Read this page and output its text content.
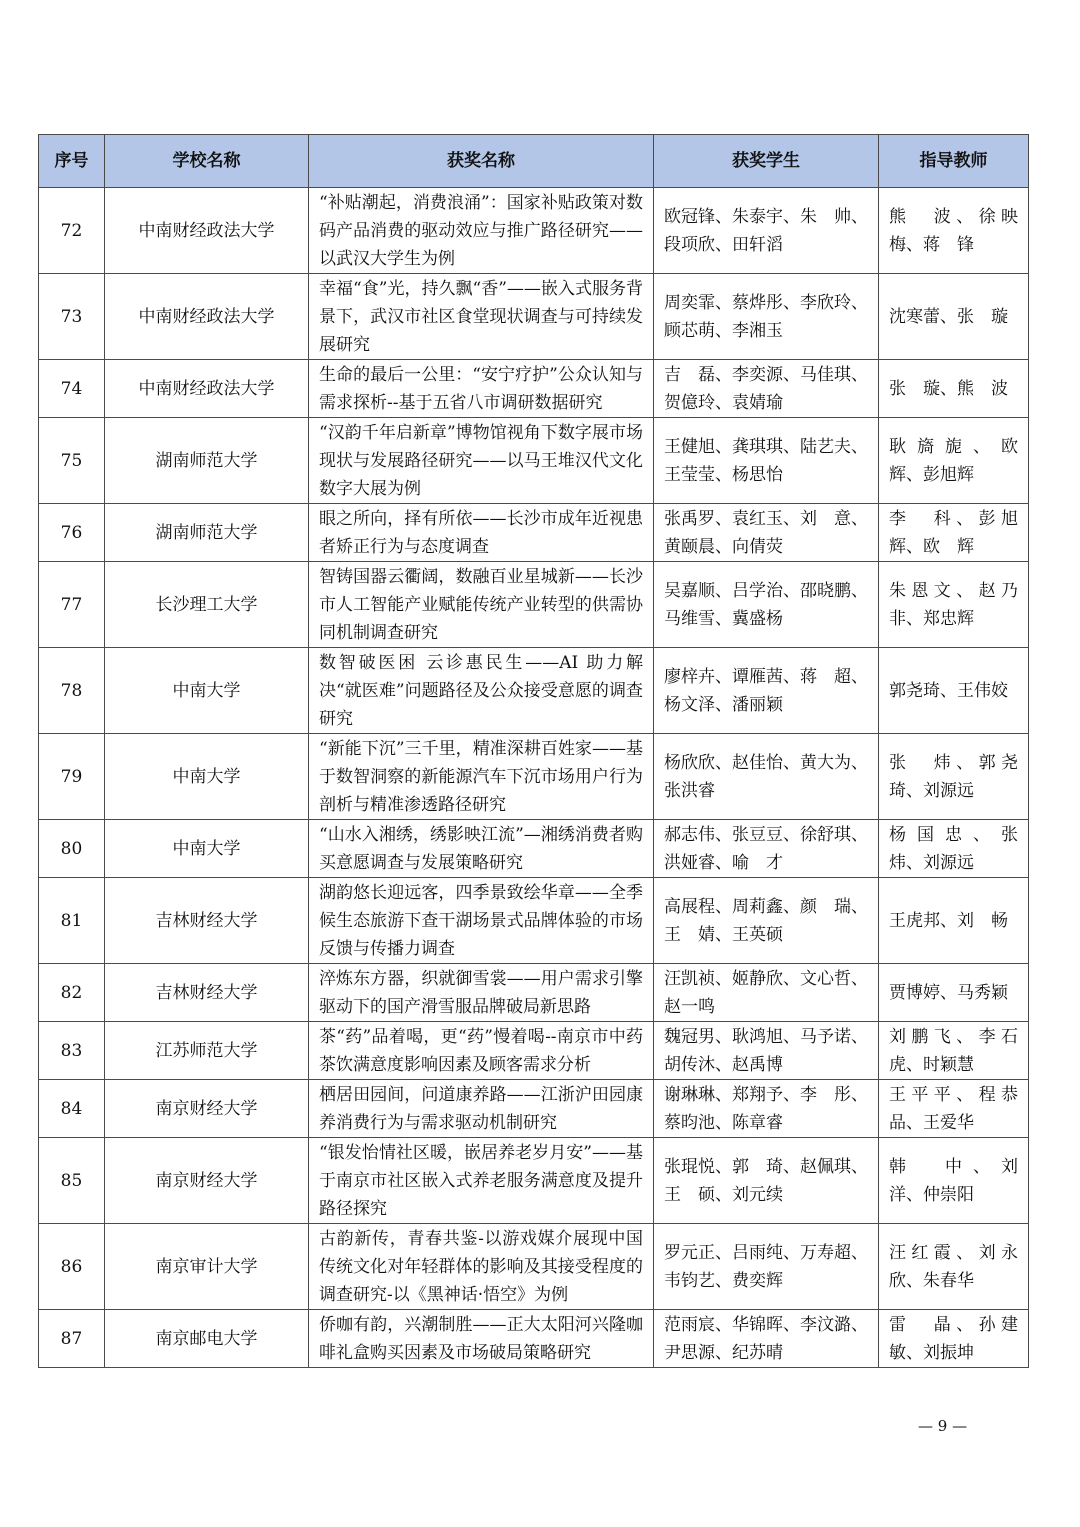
序号	学校名称	获奖名称	获奖学生	指导教师
72	中南财经政法大学	“补贴潮起，消费浪涌”：国家补贴政策对数码产品消费的驱动效应与推广路径研究——以武汉大学生为例	欧冠锋、朱泰宇、朱　帅、段项欣、田轩滔	熊　波、徐映梅、蒋　锋
73	中南财经政法大学	幸福“食”光，持久飘“香”——嵌入式服务背景下，武汉市社区食堂现状调查与可持续发展研究	周奕霏、蔡烨彤、李欣玲、顾芯萌、李湘玉	沈寒蕾、张　璇
74	中南财经政法大学	生命的最后一公里：“安宁疗护”公众认知与需求探析--基于五省八市调研数据研究	吉　磊、李奕源、马佳琪、贺億玲、袁婧瑜	张　璇、熊　波
75	湖南师范大学	“汉韵千年启新章”博物馆视角下数字展市场现状与发展路径研究——以马王堆汉代文化数字大展为例	王健旭、龚琪琪、陆艺夫、王莹莹、杨思怡	耿旖旎、欧　辉、彭旭辉
76	湖南师范大学	眼之所向，择有所依——长沙市成年近视患者矫正行为与态度调查	张禹罗、袁红玉、刘　意、黄颐晨、向倩荧	李　科、彭旭辉、欧　辉
77	长沙理工大学	智铸国器云衢阔，数融百业星城新——长沙市人工智能产业赋能传统产业转型的供需协同机制调查研究	吴嘉顺、吕学治、邵晓鹏、马维雪、冀盛杨	朱恩文、赵乃非、郑忠辉
78	中南大学	数智破医困 云诊惠民生——AI 助力解决“就医难”问题路径及公众接受意愿的调查研究	廖梓卉、谭雁茜、蒋　超、杨文泽、潘丽颖	郭尧琦、王伟姣
79	中南大学	“新能下沉”三千里，精准深耕百姓家——基于数智洞察的新能源汽车下沉市场用户行为剖析与精准渗透路径研究	杨欣欣、赵佳怡、黄大为、张洪睿	张　炜、郭尧琦、刘源远
80	中南大学	“山水入湘绣，绣影映江流”—湘绣消费者购买意愿调查与发展策略研究	郝志伟、张豆豆、徐舒琪、洪娅睿、喻　才	杨国忠、张　炜、刘源远
81	吉林财经大学	湖韵悠长迎远客，四季景致绘华章——全季候生态旅游下查干湖场景式品牌体验的市场反馈与传播力调查	高展程、周莉鑫、颜　瑞、王　婧、王英硕	王虎邦、刘　畅
82	吉林财经大学	淬炼东方器，织就御雪裳——用户需求引擎驱动下的国产滑雪服品牌破局新思路	汪凯祯、姬静欣、文心哲、赵一鸣	贾博婷、马秀颖
83	江苏师范大学	茶“药”品着喝，更“药”慢着喝--南京市中药茶饮满意度影响因素及顾客需求分析	魏冠男、耿鸿旭、马予诺、胡传沐、赵禹博	刘鹏飞、李石虎、时颖慧
84	南京财经大学	栖居田园间，问道康养路——江浙沪田园康养消费行为与需求驱动机制研究	谢琳琳、郑翔予、李　彤、蔡昀池、陈章睿	王平平、程恭品、王爱华
85	南京财经大学	“银发怡情社区暖，嵌居养老岁月安”——基于南京市社区嵌入式养老服务满意度及提升路径探究	张琨悦、郭　琦、赵佩琪、王　硕、刘元续	韩　中、刘　洋、仲崇阳
86	南京审计大学	古韵新传，青春共鉴-以游戏媒介展现中国传统文化对年轻群体的影响及其接受程度的调查研究-以《黑神话·悟空》为例	罗元正、吕雨纯、万寿超、韦钧艺、费奕辉	汪红霞、刘永欣、朱春华
87	南京邮电大学	侨咖有韵，兴潮制胜——正大太阳河兴隆咖啡礼盒购买因素及市场破局策略研究	范雨宸、华锦晖、李汶潞、尹思源、纪苏晴	雷　晶、孙建敏、刘振坤
— 9 —
